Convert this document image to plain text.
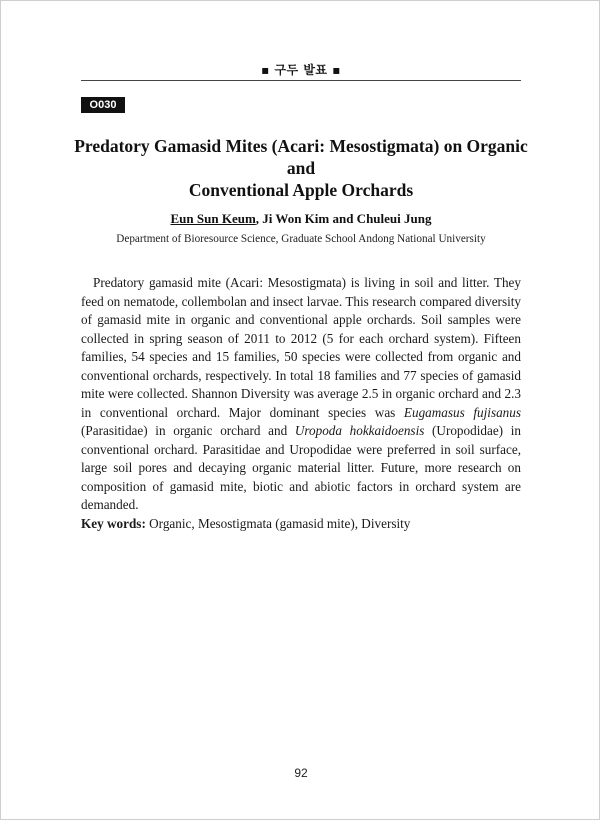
▪ 구두 발표 ▪
O030
Predatory Gamasid Mites (Acari: Mesostigmata) on Organic and
Conventional Apple Orchards
Eun Sun Keum, Ji Won Kim and Chuleui Jung
Department of Bioresource Science, Graduate School Andong National University

Predatory gamasid mite (Acari: Mesostigmata) is living in soil and litter. They feed on nematode, collembolan and insect larvae. This research compared diversity of gamasid mite in organic and conventional apple orchards. Soil samples were collected in spring season of 2011 to 2012 (5 for each orchard system). Fifteen families, 54 species and 15 families, 50 species were collected from organic and conventional orchards, respectively. In total 18 families and 77 species of gamasid mite were collected. Shannon Diversity was average 2.5 in organic orchard and 2.3 in conventional orchard. Major dominant species was Eugamasus fujisanus (Parasitidae) in organic orchard and Uropoda hokkaidoensis (Uropodidae) in conventional orchard. Parasitidae and Uropodidae were preferred in soil surface, large soil pores and decaying organic material litter. Future, more research on composition of gamasid mite, biotic and abiotic factors in orchard system are demanded.

Key words: Organic, Mesostigmata (gamasid mite), Diversity
92
